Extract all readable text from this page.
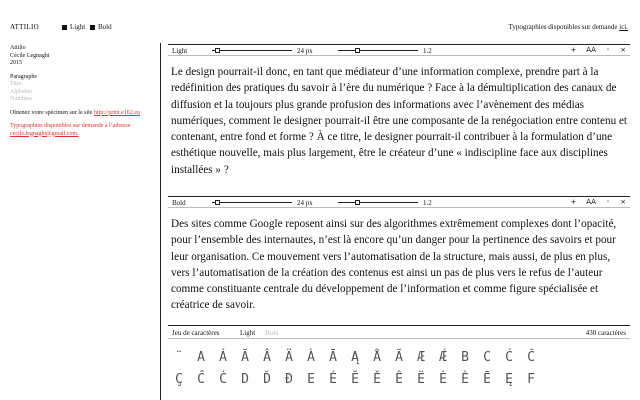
ATTILIO	Light Bold	Typographies disponibles sur demande ici.
Attilio
Cécile Legnaghi
2015
Paragraphe
Titre
Alphabet
Nombres
Obtenez votre spécimen sur le site http://print.e162.eu
Typographies disponibles sur demande à l’adresse
cecile.legnaghi@gmail.com.
Light	24 px	1.2	+ AA ◦ ×

Le design pourrait-il donc, en tant que médiateur d’une information complexe, prendre part à la redéfinition des pratiques du savoir à l’ère du numérique ? Face à la démultiplication des canaux de diffusion et la toujours plus grande profusion des informations avec l’avènement des médias numériques, comment le designer pourrait-il être une composante de la renégociation entre contenu et contenant, entre fond et forme ? À ce titre, le designer pourrait-il contribuer à la formulation d’une esthétique nouvelle, mais plus largement, être le créateur d’une « indiscipline face aux disciplines installées » ?

Bold	24 px	1.2	+ AA ◦ ×

Des sites comme Google reposent ainsi sur des algorithmes extrêmement complexes dont l’opacité, pour l’ensemble des internautes, n’est là encore qu’un danger pour la pertinence des savoirs et pour leur organisation. Ce mouvement vers l’automatisation de la structure, mais aussi, de plus en plus, vers l’automatisation de la création des contenus est ainsi un pas de plus vers le refus de l’auteur comme constituante centrale du développement de l’information et comme figure spécialisée et créatrice de savoir.

Jeu de caractères	Light Bold	430 caractères
¨	A	Á	Ă	Â	Ä	À	Ā	Ą	Å	Ã	Æ	Ǽ	B	C	Ć	Č
Ç	Ĉ	Ċ	D	Ď	Đ	E	É	Ĕ	Ě	Ê	Ë	Ė	È	Ē	Ę	F
